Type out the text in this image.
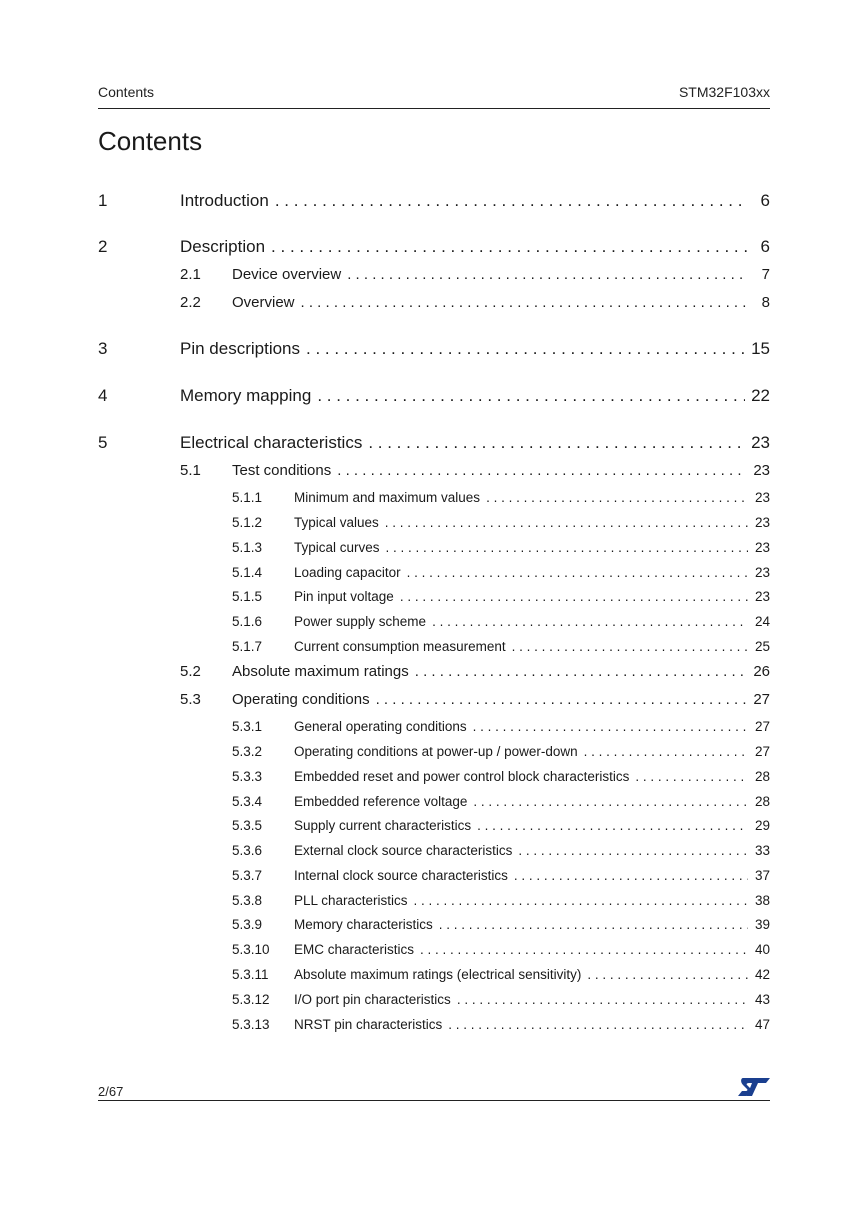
Contents	STM32F103xx
Contents
1	Introduction . . .	6
2	Description . . .	6
2.1	Device overview . . .	7
2.2	Overview . . .	8
3	Pin descriptions . . .	15
4	Memory mapping . . .	22
5	Electrical characteristics . . .	23
5.1	Test conditions . . .	23
5.1.1	Minimum and maximum values . . .	23
5.1.2	Typical values . . .	23
5.1.3	Typical curves . . .	23
5.1.4	Loading capacitor . . .	23
5.1.5	Pin input voltage . . .	23
5.1.6	Power supply scheme . . .	24
5.1.7	Current consumption measurement . . .	25
5.2	Absolute maximum ratings . . .	26
5.3	Operating conditions . . .	27
5.3.1	General operating conditions . . .	27
5.3.2	Operating conditions at power-up / power-down . . .	27
5.3.3	Embedded reset and power control block characteristics . . .	28
5.3.4	Embedded reference voltage . . .	28
5.3.5	Supply current characteristics . . .	29
5.3.6	External clock source characteristics . . .	33
5.3.7	Internal clock source characteristics . . .	37
5.3.8	PLL characteristics . . .	38
5.3.9	Memory characteristics . . .	39
5.3.10	EMC characteristics . . .	40
5.3.11	Absolute maximum ratings (electrical sensitivity) . . .	42
5.3.12	I/O port pin characteristics . . .	43
5.3.13	NRST pin characteristics . . .	47
2/67
